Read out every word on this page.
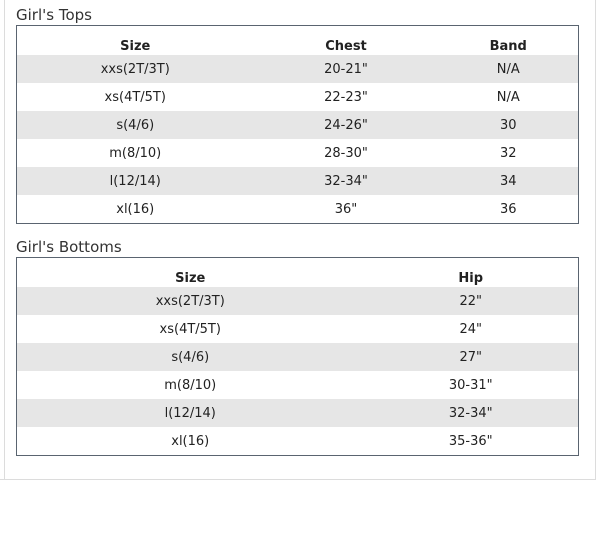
Girl's Tops
Size	Chest	Band
xxs(2T/3T)	20-21"	N/A
xs(4T/5T)	22-23"	N/A
s(4/6)	24-26"	30
m(8/10)	28-30"	32
l(12/14)	32-34"	34
xl(16)	36"	36
Girl's Bottoms
Size	Hip
xxs(2T/3T)	22"
xs(4T/5T)	24"
s(4/6)	27"
m(8/10)	30-31"
l(12/14)	32-34"
xl(16)	35-36"
